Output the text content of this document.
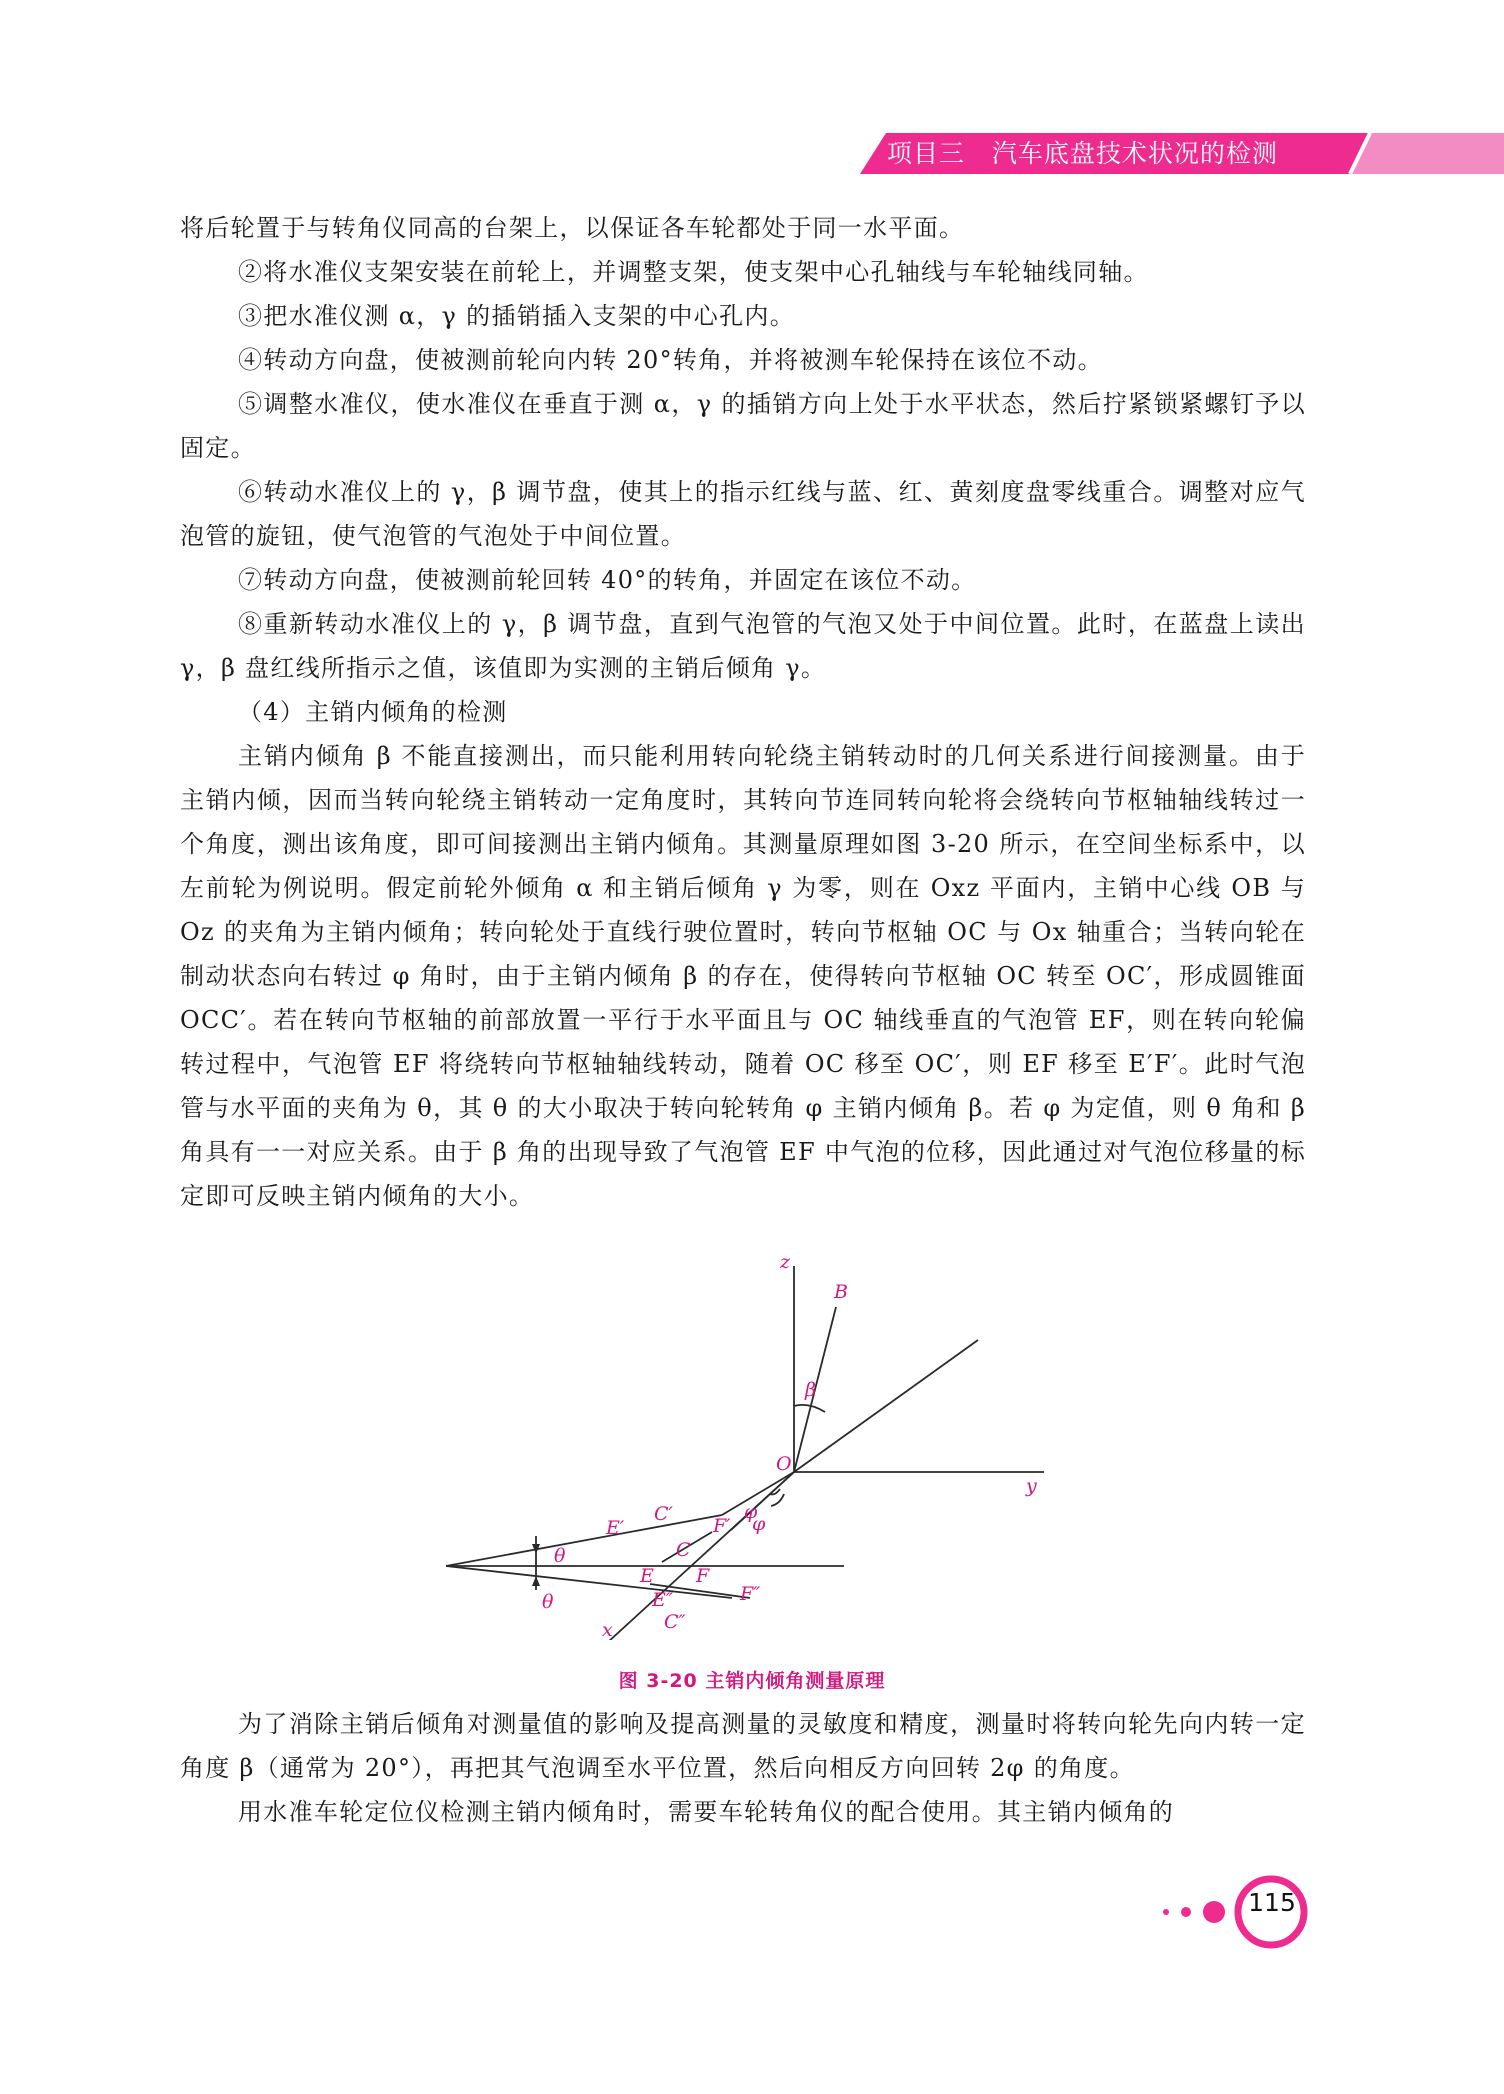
项目三   汽车底盘技术状况的检测

将后轮置于与转角仪同高的台架上，以保证各车轮都处于同一水平面。

②将水准仪支架安装在前轮上，并调整支架，使支架中心孔轴线与车轮轴线同轴。

③把水准仪测 α，γ 的插销插入支架的中心孔内。

④转动方向盘，使被测前轮向内转 20°转角，并将被测车轮保持在该位不动。

⑤调整水准仪，使水准仪在垂直于测 α，γ 的插销方向上处于水平状态，然后拧紧锁紧螺钉予以固定。

⑥转动水准仪上的 γ，β 调节盘，使其上的指示红线与蓝、红、黄刻度盘零线重合。调整对应气泡管的旋钮，使气泡管的气泡处于中间位置。

⑦转动方向盘，使被测前轮回转 40°的转角，并固定在该位不动。

⑧重新转动水准仪上的 γ，β 调节盘，直到气泡管的气泡又处于中间位置。此时，在蓝盘上读出 γ，β 盘红线所指示之值，该值即为实测的主销后倾角 γ。

（4）主销内倾角的检测

主销内倾角 β 不能直接测出，而只能利用转向轮绕主销转动时的几何关系进行间接测量。由于主销内倾，因而当转向轮绕主销转动一定角度时，其转向节连同转向轮将会绕转向节枢轴轴线转过一个角度，测出该角度，即可间接测出主销内倾角。其测量原理如图 3-20 所示，在空间坐标系中，以左前轮为例说明。假定前轮外倾角 α 和主销后倾角 γ 为零，则在 Oxz 平面内，主销中心线 OB 与 Oz 的夹角为主销内倾角；转向轮处于直线行驶位置时，转向节枢轴 OC 与 Ox 轴重合；当转向轮在制动状态向右转过 φ 角时，由于主销内倾角 β 的存在，使得转向节枢轴 OC 转至 OC′，形成圆锥面 OCC′。若在转向节枢轴的前部放置一平行于水平面且与 OC 轴线垂直的气泡管 EF，则在转向轮偏转过程中，气泡管 EF 将绕转向节枢轴轴线转动，随着 OC 移至 OC′，则 EF 移至 E′F′。此时气泡管与水平面的夹角为 θ，其 θ 的大小取决于转向轮转角 φ 主销内倾角 β。若 φ 为定值，则 θ 角和 β 角具有一一对应关系。由于 β 角的出现导致了气泡管 EF 中气泡的位移，因此通过对气泡位移量的标定即可反映主销内倾角的大小。

z
B
β
O
y
E′
C′
F′
φ
φ
θ	C
E F
E″	F″
θ
x	C″
图 3-20 主销内倾角测量原理

为了消除主销后倾角对测量值的影响及提高测量的灵敏度和精度，测量时将转向轮先向内转一定角度 β（通常为 20°），再把其气泡调至水平位置，然后向相反方向回转 2φ 的角度。

用水准车轮定位仪检测主销内倾角时，需要车轮转角仪的配合使用。其主销内倾角的

115
